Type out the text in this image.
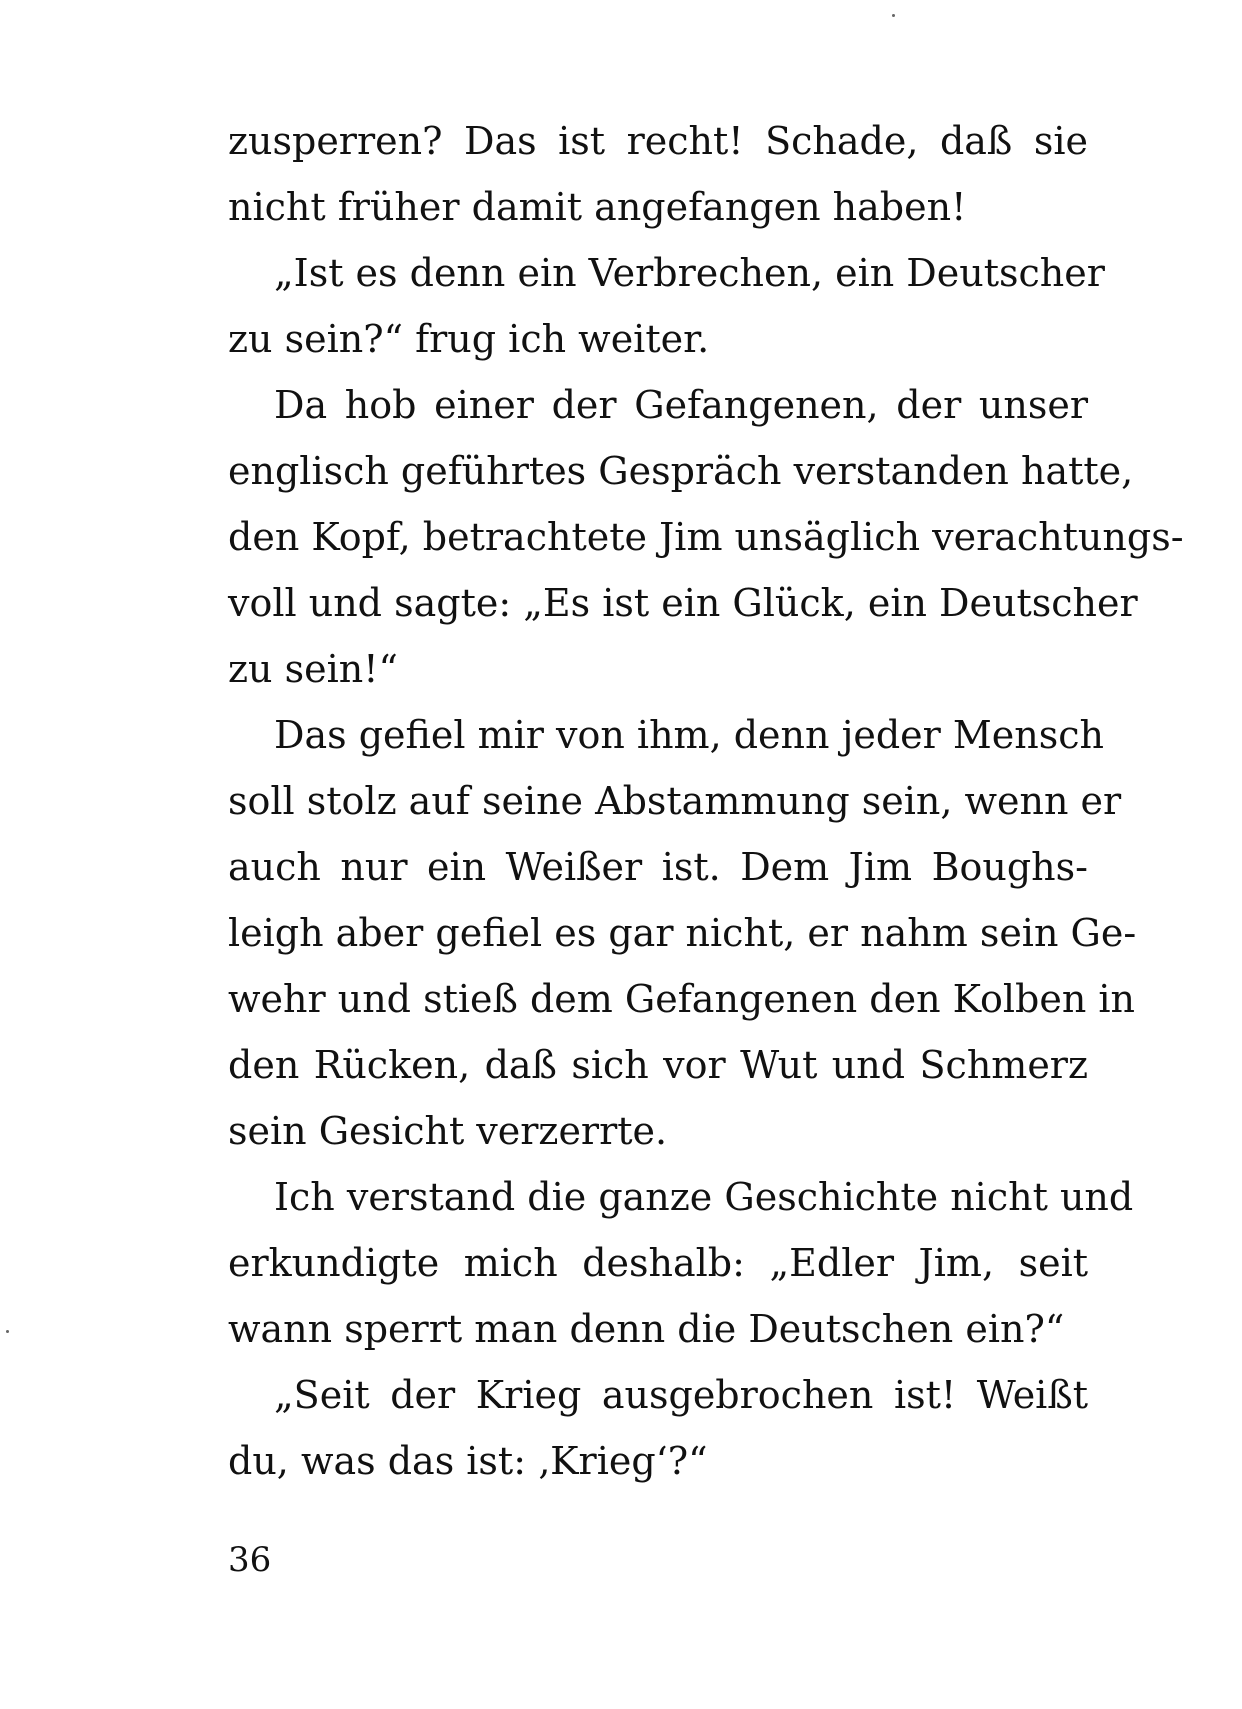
zusperren? Das ist recht! Schade, daß sie
nicht früher damit angefangen haben!

„Ist es denn ein Verbrechen, ein Deutscher
zu sein?“ frug ich weiter.

Da hob einer der Gefangenen, der unser
englisch geführtes Gespräch verstanden hatte,
den Kopf, betrachtete Jim unsäglich verachtungs-
voll und sagte: „Es ist ein Glück, ein Deutscher
zu sein!“

Das gefiel mir von ihm, denn jeder Mensch
soll stolz auf seine Abstammung sein, wenn er
auch nur ein Weißer ist. Dem Jim Boughs-
leigh aber gefiel es gar nicht, er nahm sein Ge-
wehr und stieß dem Gefangenen den Kolben in
den Rücken, daß sich vor Wut und Schmerz
sein Gesicht verzerrte.

Ich verstand die ganze Geschichte nicht und
erkundigte mich deshalb: „Edler Jim, seit
wann sperrt man denn die Deutschen ein?“

„Seit der Krieg ausgebrochen ist! Weißt
du, was das ist: ‚Krieg‘?“

36
